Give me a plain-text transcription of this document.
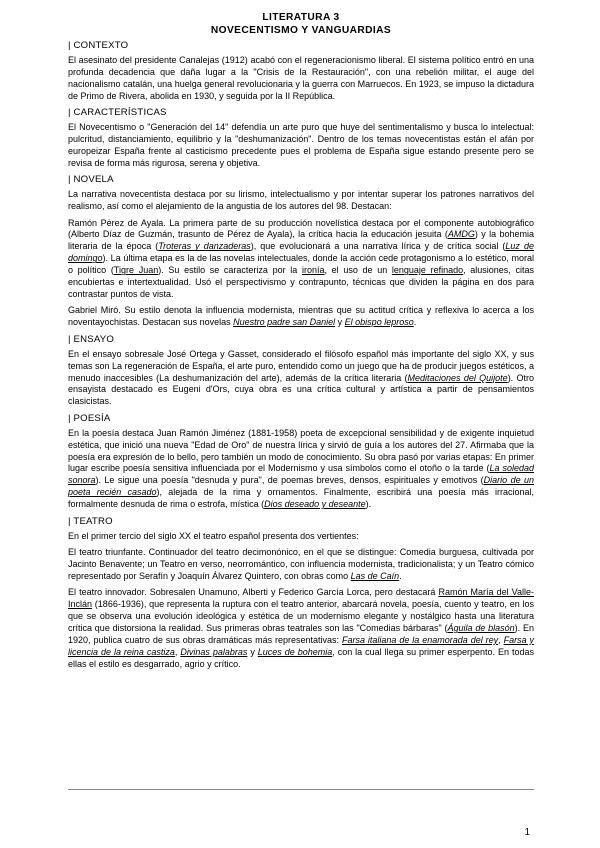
LITERATURA 3
NOVECENTISMO Y VANGUARDIAS
| CONTEXTO

El asesinato del presidente Canalejas (1912) acabó con el regeneracionismo liberal. El sistema político entró en una profunda decadencia que daña lugar a la "Crisis de la Restauración", con una rebelión militar, el auge del nacionalismo catalán, una huelga general revolucionaria y la guerra con Marruecos. En 1923, se impuso la dictadura de Primo de Rivera, abolida en 1930, y seguida por la II República.

| CARACTERÍSTICAS

El Novecentismo o "Generación del 14" defendía un arte puro que huye del sentimentalismo y busca lo intelectual: pulcritud, distanciamiento, equilibrio y la "deshumanización". Dentro de los temas novecentistas están el afán por europeizar España frente al casticismo precedente pues el problema de España sigue estando presente pero se revisa de forma más rigurosa, serena y objetiva.

| NOVELA

La narrativa novecentista destaca por su lirismo, intelectualismo y por intentar superar los patrones narrativos del realismo, así como el alejamiento de la angustia de los autores del 98. Destacan:

Ramón Pérez de Ayala. La primera parte de su producción novelística destaca por el componente autobiográfico (Alberto Díaz de Guzmán, trasunto de Pérez de Ayala), la crítica hacia la educación jesuita (AMDG) y la bohemia literaria de la época (Troteras y danzaderas), que evolucionará a una narrativa lírica y de crítica social (Luz de domingo). La última etapa es la de las novelas intelectuales, donde la acción cede protagonismo a lo estético, moral o político (Tigre Juan). Su estilo se caracteriza por la ironía, el uso de un lenguaje refinado, alusiones, citas encubiertas e intertextualidad. Usó el perspectivismo y contrapunto, técnicas que dividen la página en dos para contrastar puntos de vista.

Gabriel Miró. Su estilo denota la influencia modernista, mientras que su actitud crítica y reflexiva lo acerca a los noventayochistas. Destacan sus novelas Nuestro padre san Daniel y El obispo leproso.

| ENSAYO

En el ensayo sobresale José Ortega y Gasset, considerado el filósofo español más importante del siglo XX, y sus temas son La regeneración de España, el arte puro, entendido como un juego que ha de producir juegos estéticos, a menudo inaccesibles (La deshumanización del arte), además de la crítica literaria (Meditaciones del Quijote). Otro ensayista destacado es Eugeni d'Ors, cuya obra es una crítica cultural y artística a partir de pensamientos clasicistas.

| POESÍA

En la poesía destaca Juan Ramón Jiménez (1881-1958) poeta de excepcional sensibilidad y de exigente inquietud estética, que inició una nueva "Edad de Oro" de nuestra lírica y sirvió de guía a los autores del 27. Afirmaba que la poesía era expresión de lo bello, pero también un modo de conocimiento. Su obra pasó por varias etapas: En primer lugar escribe poesía sensitiva influenciada por el Modernismo y usa símbolos como el otoño o la tarde (La soledad sonora). Le sigue una poesía "desnuda y pura", de poemas breves, densos, espirituales y emotivos (Diario de un poeta recién casado), alejada de la rima y ornamentos. Finalmente, escribirá una poesía más irracional, formalmente desnuda de rima o estrofa, mística (Dios deseado y deseante).

| TEATRO

En el primer tercio del siglo XX el teatro español presenta dos vertientes:

El teatro triunfante. Continuador del teatro decimonónico, en el que se distingue: Comedia burguesa, cultivada por Jacinto Benavente; un Teatro en verso, neorromántico, con influencia modernista, tradicionalista; y un Teatro cómico representado por Serafín y Joaquín Álvarez Quintero, con obras como Las de Caín.

El teatro innovador. Sobresalen Unamuno, Alberti y Federico García Lorca, pero destacará Ramón María del Valle-Inclán (1866-1936), que representa la ruptura con el teatro anterior, abarcará novela, poesía, cuento y teatro, en los que se observa una evolución ideológica y estética de un modernismo elegante y nostálgico hasta una literatura crítica que distorsiona la realidad. Sus primeras obras teatrales son las "Comedias bárbaras" (Águila de blasón). En 1920, publica cuatro de sus obras dramáticas más representativas: Farsa italiana de la enamorada del rey, Farsa y licencia de la reina castiza, Divinas palabras y Luces de bohemia, con la cual llega su primer esperpento. En todas ellas el estilo es desgarrado, agrio y crítico.

1
